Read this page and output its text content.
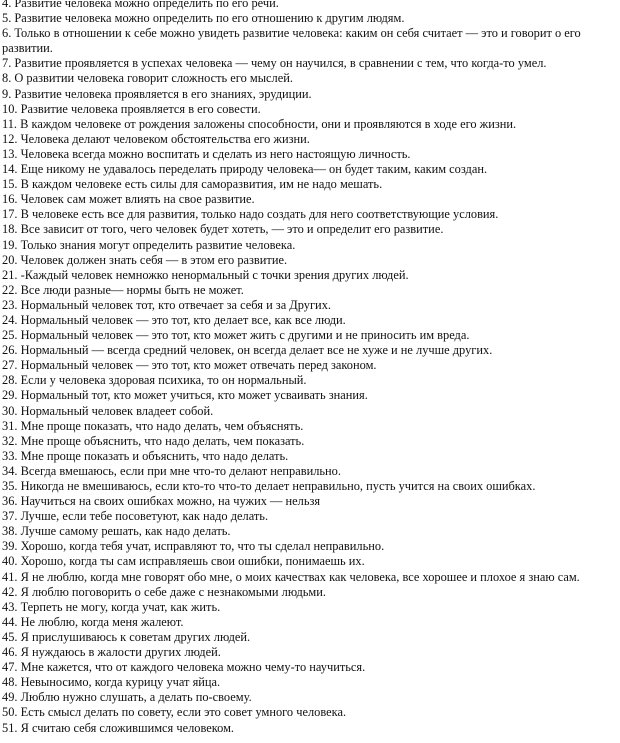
4. Развитие человека можно определить по его речи.

5. Развитие человека можно определить по его отношению к другим людям.

6. Только в отношении к себе можно увидеть развитие человека: каким он себя считает — это и говорит о его развитии.

7. Развитие проявляется в успехах человека — чему он научился, в сравнении с тем, что когда-то умел.

8. О развитии человека говорит сложность его мыслей.

9. Развитие человека проявляется в его знаниях, эрудиции.

10. Развитие человека проявляется в его совести.

11. В каждом человеке от рождения заложены способности, они и проявляются в ходе его жизни.

12. Человека делают человеком обстоятельства его жизни.

13. Человека всегда можно воспитать и сделать из него настоящую личность.

14. Еще никому не удавалось переделать природу человека— он будет таким, каким создан.

15. В каждом человеке есть силы для саморазвития, им не надо мешать.

16. Человек сам может влиять на свое развитие.

17. В человеке есть все для развития, только надо создать для него соответствующие условия.

18. Все зависит от того, чего человек будет хотеть, — это и определит его развитие.

19. Только знания могут определить развитие человека.

20. Человек должен знать себя — в этом его развитие.

21. -Каждый человек немножко ненормальный с точки зрения других людей.

22. Все люди разные— нормы быть не может.

23. Нормальный человек тот, кто отвечает за себя и за Других.

24. Нормальный человек — это тот, кто делает все, как все люди.

25. Нормальный человек — это тот, кто может жить с другими и не приносить им вреда.

26. Нормальный — всегда средний человек, он всегда делает все не хуже и не лучше других.

27. Нормальный человек — это тот, кто может отвечать перед законом.

28. Если у человека здоровая психика, то он нормальный.

29. Нормальный тот, кто может учиться, кто может усваивать знания.

30. Нормальный человек владеет собой.

31. Мне проще показать, что надо делать, чем объяснять.

32. Мне проще объяснить, что надо делать, чем показать.

33. Мне проще показать и объяснить, что надо делать.

34. Всегда вмешаюсь, если при мне что-то делают неправильно.

35. Никогда не вмешиваюсь, если кто-то что-то делает неправильно, пусть учится на своих ошибках.

36. Научиться на своих ошибках можно, на чужих — нельзя

37. Лучше, если тебе посоветуют, как надо делать.

38. Лучше самому решать, как надо делать.

39. Хорошо, когда тебя учат, исправляют то, что ты сделал неправильно.

40. Хорошо, когда ты сам исправляешь свои ошибки, понимаешь их.

41. Я не люблю, когда мне говорят обо мне, о моих качествах как человека, все хорошее и плохое я знаю сам.

42. Я люблю поговорить о себе даже с незнакомыми людьми.

43. Терпеть не могу, когда учат, как жить.

44. Не люблю, когда меня жалеют.

45. Я прислушиваюсь к советам других людей.

46. Я нуждаюсь в жалости других людей.

47. Мне кажется, что от каждого человека можно чему-то научиться.

48. Невыносимо, когда курицу учат яйца.

49. Люблю нужно слушать, а делать по-своему.

50. Есть смысл делать по совету, если это совет умного человека.

51. Я считаю себя сложившимся человеком.
